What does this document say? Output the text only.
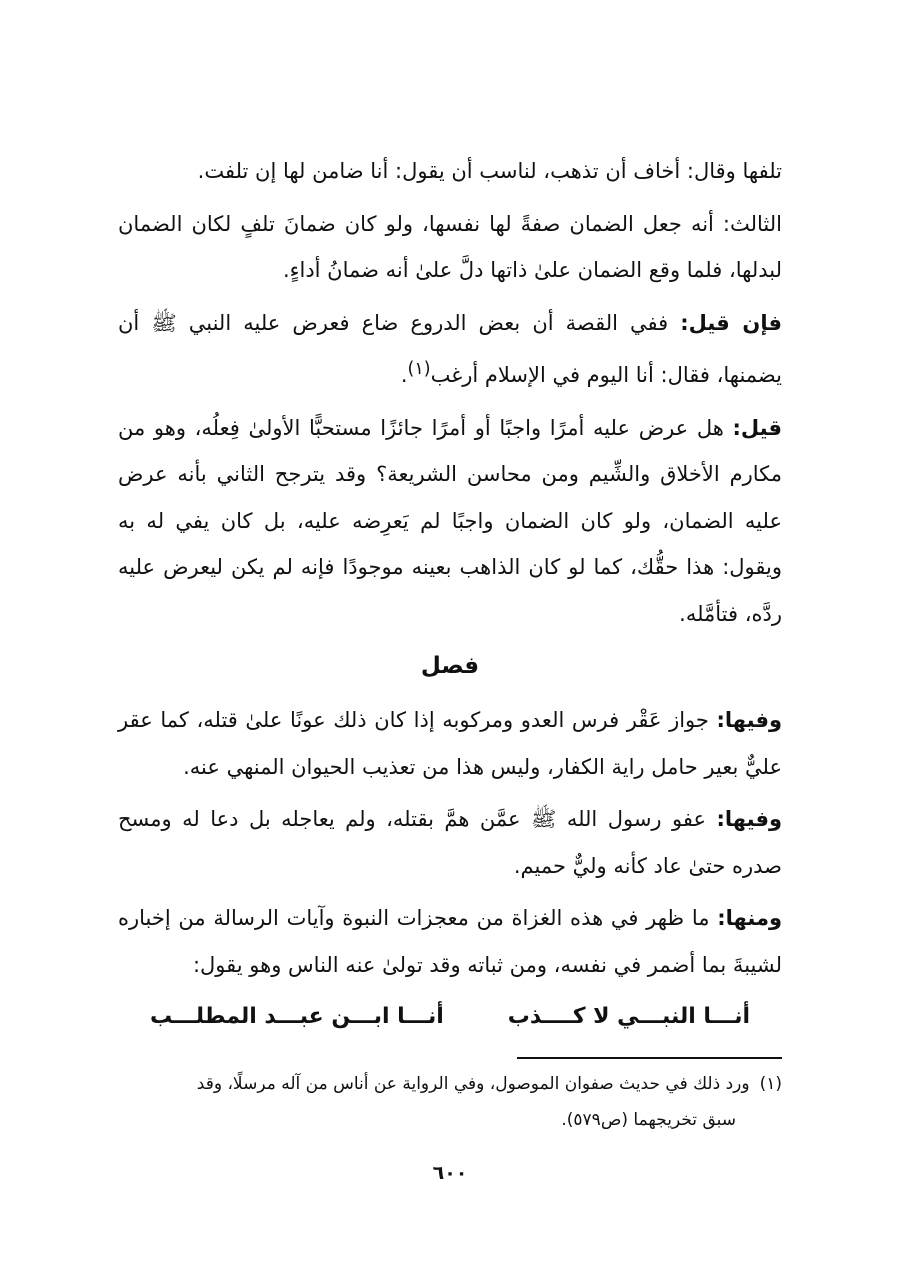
تلفها وقال: أخاف أن تذهب، لناسب أن يقول: أنا ضامن لها إن تلفت.

الثالث: أنه جعل الضمان صفةً لها نفسها، ولو كان ضمانَ تلفٍ لكان الضمان لبدلها، فلما وقع الضمان علىٰ ذاتها دلَّ علىٰ أنه ضمانُ أداءٍ.

فإن قيل: ففي القصة أن بعض الدروع ضاع فعرض عليه النبي ﷺ أن يضمنها، فقال: أنا اليوم في الإسلام أرغب$^{(١)}$.

قيل: هل عرض عليه أمرًا واجبًا أو أمرًا جائزًا مستحبًّا الأولىٰ فِعلُه، وهو من مكارم الأخلاق والشِّيم ومن محاسن الشريعة؟ وقد يترجح الثاني بأنه عرض عليه الضمان، ولو كان الضمان واجبًا لم يَعرِضه عليه، بل كان يفي له به ويقول: هذا حقُّك، كما لو كان الذاهب بعينه موجودًا فإنه لم يكن ليعرض عليه ردَّه، فتأمَّله.

فصل

وفيها: جواز عَقْر فرس العدو ومركوبه إذا كان ذلك عونًا علىٰ قتله، كما عقر عليٌّ بعير حامل راية الكفار، وليس هذا من تعذيب الحيوان المنهي عنه.

وفيها: عفو رسول الله ﷺ عمَّن همَّ بقتله، ولم يعاجله بل دعا له ومسح صدره حتىٰ عاد كأنه وليٌّ حميم.

ومنها: ما ظهر في هذه الغزاة من معجزات النبوة وآيات الرسالة من إخباره لشيبةَ بما أضمر في نفسه، ومن ثباته وقد تولىٰ عنه الناس وهو يقول:

أنـــا النبـــي لا كــــذب
أنـــا ابـــن عبـــد المطلـــب
(١)ورد ذلك في حديث صفوان الموصول، وفي الرواية عن أناس من آله مرسلًا، وقد
سبق تخريجهما (ص٥٧٩).
٦٠٠
